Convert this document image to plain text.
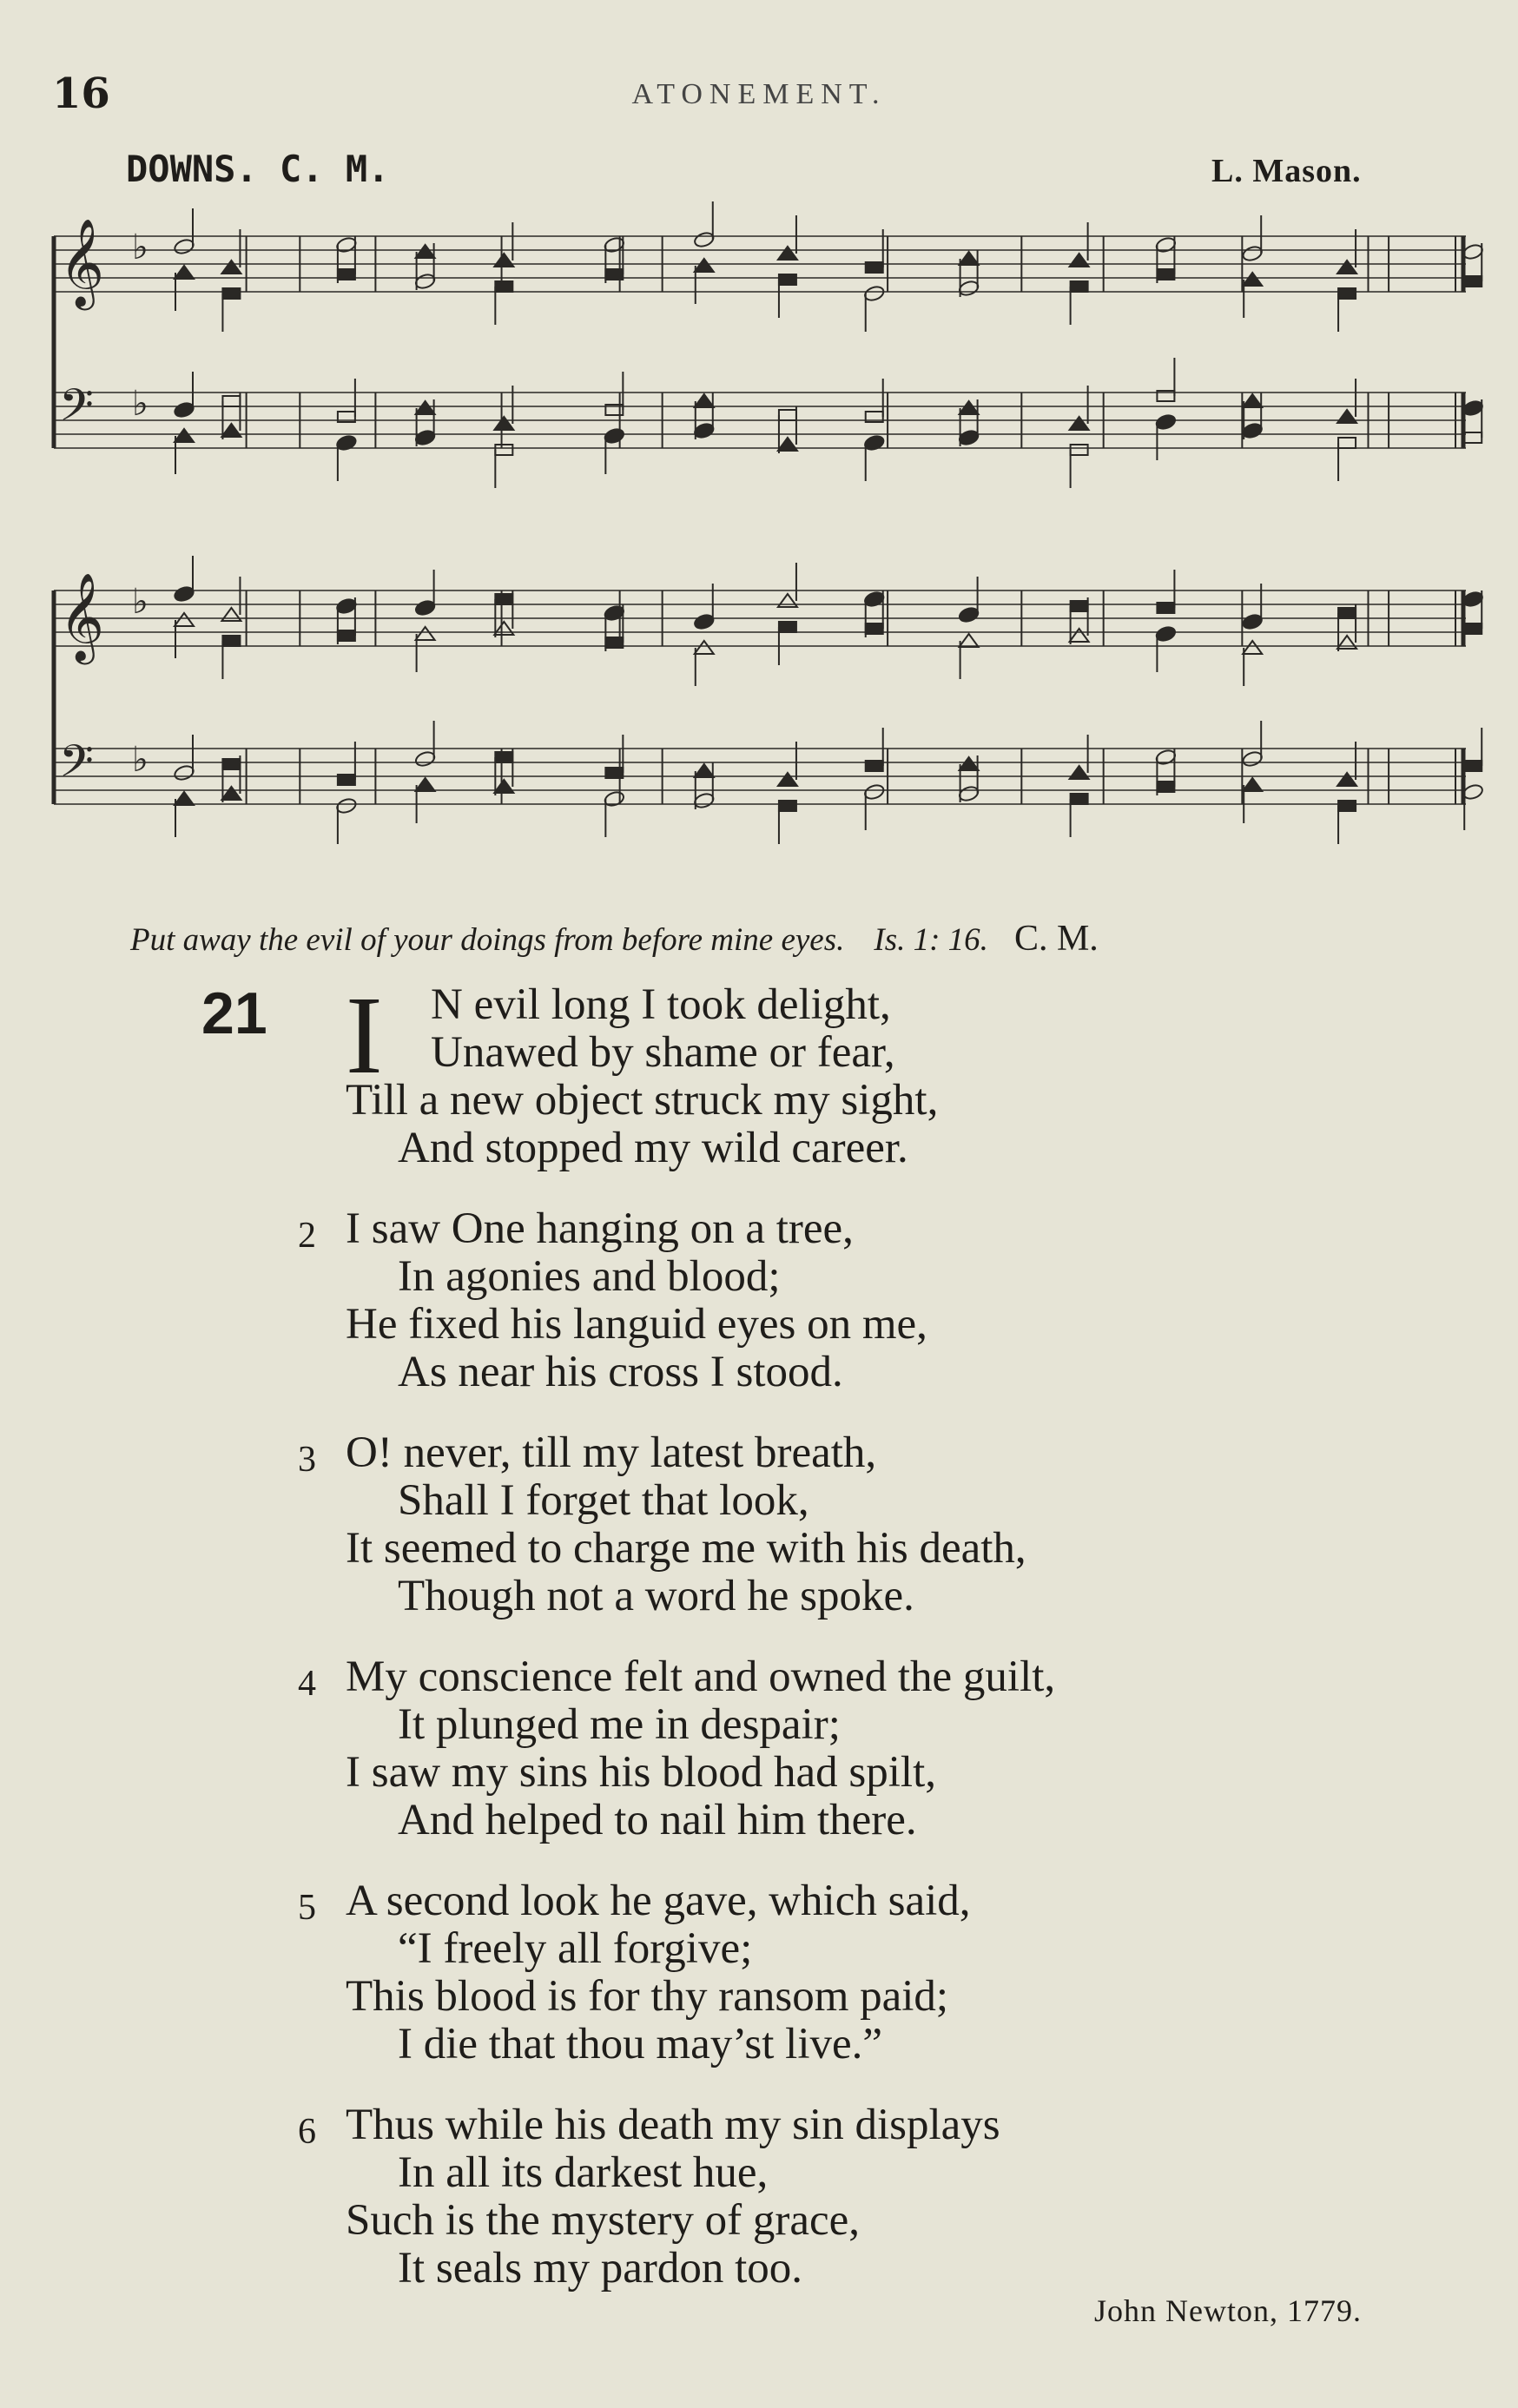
16	ATONEMENT.
DOWNS. C. M.	L. Mason.
𝄞 ♭
𝄢 ♭
𝄞 ♭
𝄢 ♭
Put away the evil of your doings from before mine eyes. Is. 1: 16. C. M.
21 I	N evil long I took delight,
Unawed by shame or fear,
Till a new object struck my sight,
And stopped my wild career.
2 I saw One hanging on a tree,
In agonies and blood;
He fixed his languid eyes on me,
As near his cross I stood.
3 O! never, till my latest breath,
Shall I forget that look,
It seemed to charge me with his death,
Though not a word he spoke.
4 My conscience felt and owned the guilt,
It plunged me in despair;
I saw my sins his blood had spilt,
And helped to nail him there.
5 A second look he gave, which said,
“I freely all forgive;
This blood is for thy ransom paid;
I die that thou may’st live.”
6 Thus while his death my sin displays
In all its darkest hue,
Such is the mystery of grace,
It seals my pardon too.
John Newton, 1779.
